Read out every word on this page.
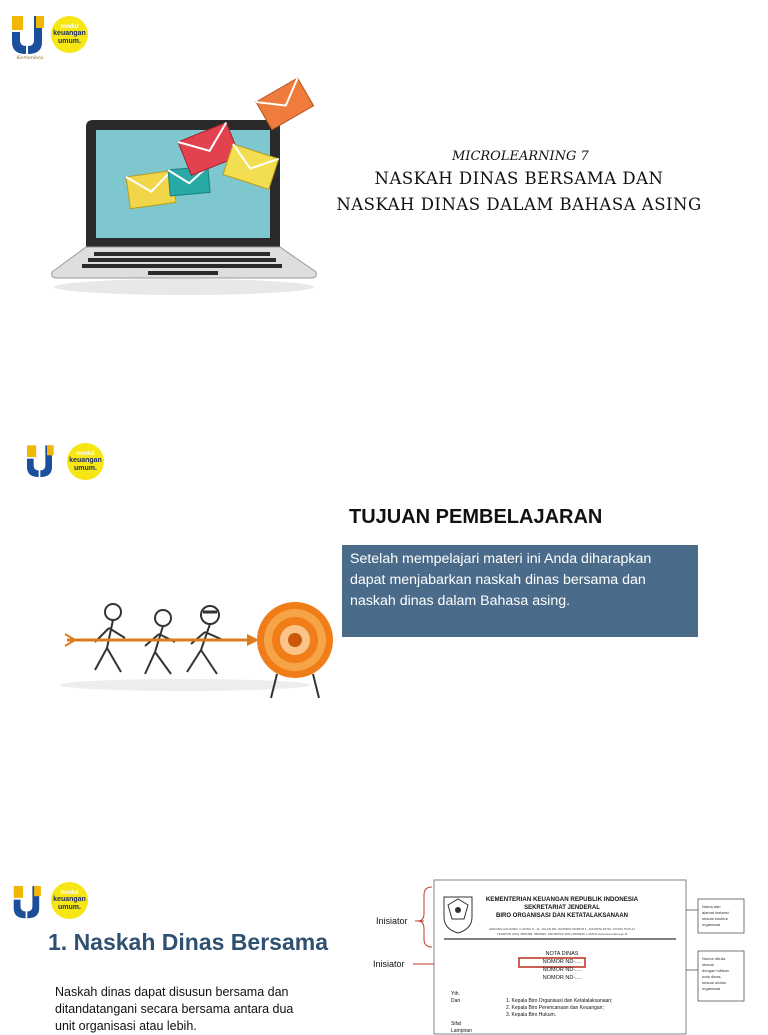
Kemenkeu
modul
keuangan
umum.
MICROLEARNING 7
NASKAH DINAS BERSAMA DAN
NASKAH DINAS DALAM BAHASA ASING
modul
keuangan
umum.
TUJUAN PEMBELAJARAN
Setelah mempelajari materi ini Anda diharapkan
dapat menjabarkan naskah dinas bersama dan
naskah dinas dalam Bahasa asing.
modul
keuangan
umum.
1. Naskah Dinas Bersama
Naskah dinas dapat disusun bersama dan
ditandatangani secara bersama antara dua
unit organisasi atau lebih.
Inisiator
Inisiator
KEMENTERIAN KEUANGAN REPUBLIK INDONESIA
SEKRETARIAT JENDERAL
BIRO ORGANISASI DAN KETATALAKSANAAN
GEDUNG DJUANDA I LANTAI 9 - 11, JALAN DR. WAHIDIN NOMOR 1, JAKARTA 10710, KOTAK POS 21
TELEPON (021) 3846465, 3866929, FAKSIMILE (021) 3866930, LAMAN www.kemenkeu.go.id
NOTA DINAS
NOMOR ND-....
NOMOR ND-....
NOMOR ND-....
Yth.
Dari
Sifat
Lampiran
1. Kepala Biro Organisasi dan Ketatalaksanaan;
2. Kepala Biro Perencanaan dan Keuangan;
3. Kepala Biro Hukum.
Nama dan
alamat instansi
sesuai struktur
organisasi
Nomor ditulis
sesuai
dengan tuliisan
nota dinas,
sesuai urutan
organisasi
